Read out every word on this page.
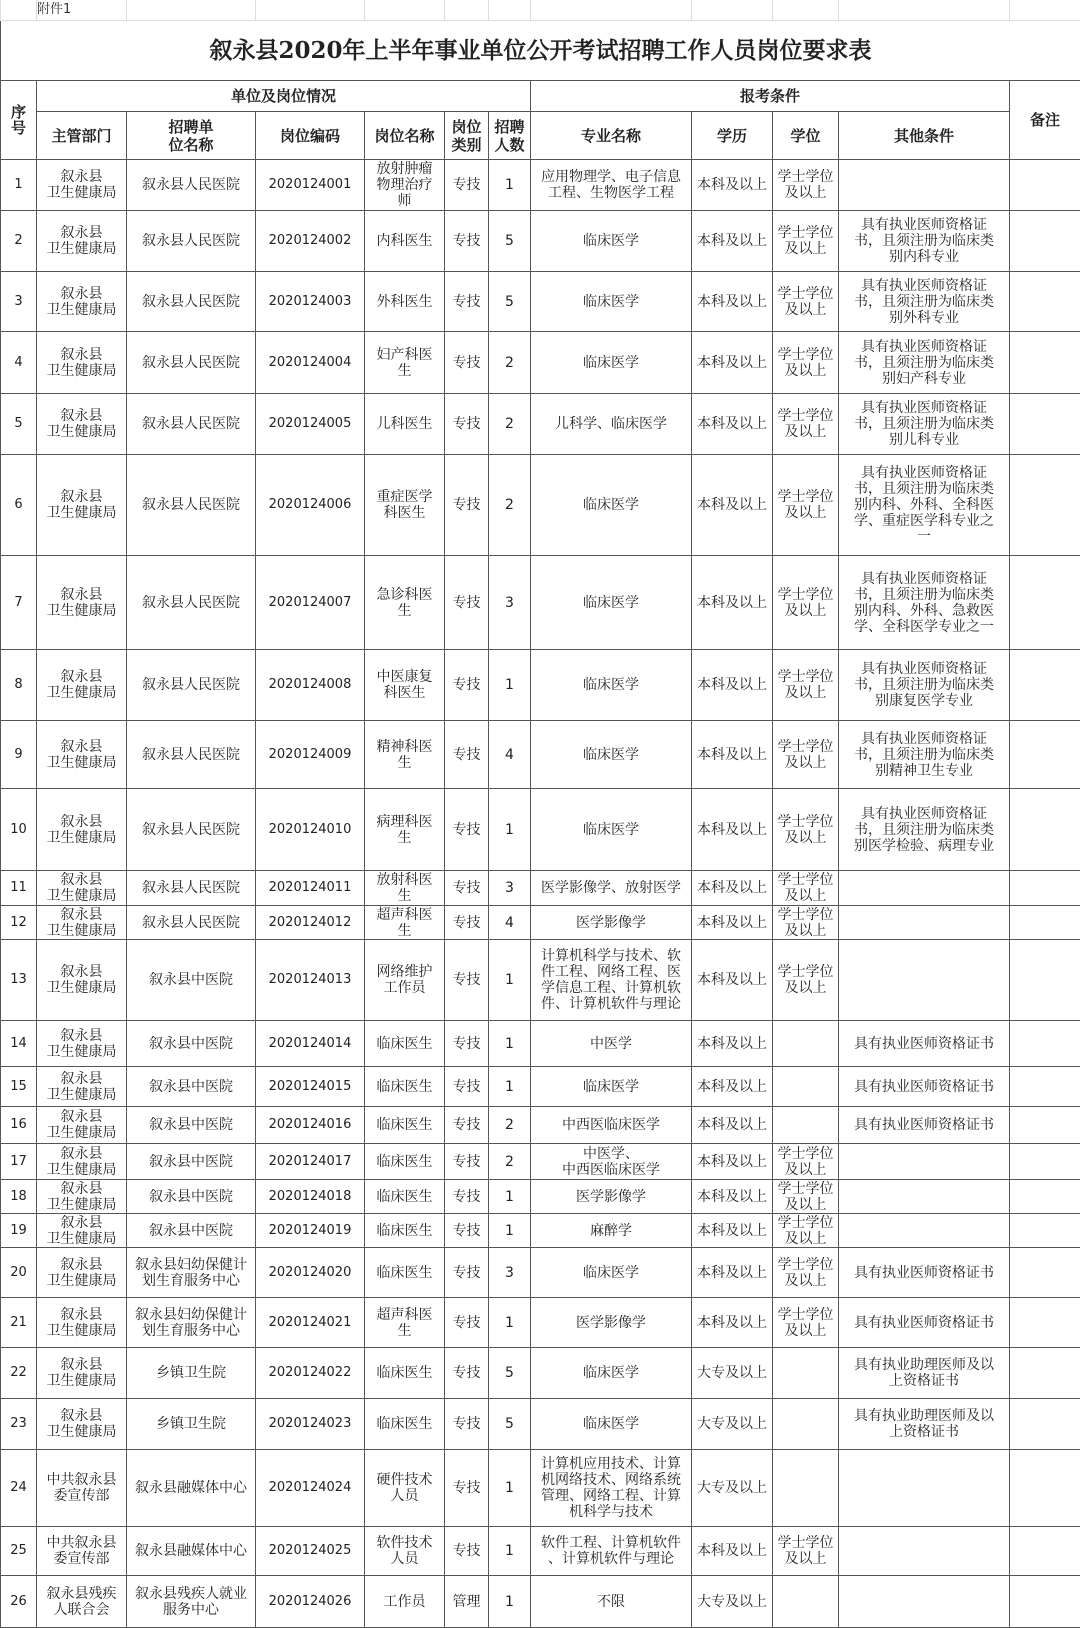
	附件1										
叙永县2020年上半年事业单位公开考试招聘工作人员岗位要求表											
序
号	单位及岗位情况						报考条件				备注
	主管部门	招聘单
位名称	岗位编码	岗位名称	岗位
类别	招聘
人数	专业名称	学历	学位	其他条件	
1	叙永县
卫生健康局	叙永县人民医院	2020124001	放射肿瘤
物理治疗
师	专技	1	应用物理学、电子信息
工程、生物医学工程	本科及以上	学士学位
及以上		
2	叙永县
卫生健康局	叙永县人民医院	2020124002	内科医生	专技	5	临床医学	本科及以上	学士学位
及以上	具有执业医师资格证
书，且须注册为临床类
别内科专业	
3	叙永县
卫生健康局	叙永县人民医院	2020124003	外科医生	专技	5	临床医学	本科及以上	学士学位
及以上	具有执业医师资格证
书，且须注册为临床类
别外科专业	
4	叙永县
卫生健康局	叙永县人民医院	2020124004	妇产科医
生	专技	2	临床医学	本科及以上	学士学位
及以上	具有执业医师资格证
书，且须注册为临床类
别妇产科专业	
5	叙永县
卫生健康局	叙永县人民医院	2020124005	儿科医生	专技	2	儿科学、临床医学	本科及以上	学士学位
及以上	具有执业医师资格证
书，且须注册为临床类
别儿科专业	
6	叙永县
卫生健康局	叙永县人民医院	2020124006	重症医学
科医生	专技	2	临床医学	本科及以上	学士学位
及以上	具有执业医师资格证
书，且须注册为临床类
别内科、外科、全科医
学、重症医学科专业之
一	
7	叙永县
卫生健康局	叙永县人民医院	2020124007	急诊科医
生	专技	3	临床医学	本科及以上	学士学位
及以上	具有执业医师资格证
书，且须注册为临床类
别内科、外科、急救医
学、全科医学专业之一	
8	叙永县
卫生健康局	叙永县人民医院	2020124008	中医康复
科医生	专技	1	临床医学	本科及以上	学士学位
及以上	具有执业医师资格证
书，且须注册为临床类
别康复医学专业	
9	叙永县
卫生健康局	叙永县人民医院	2020124009	精神科医
生	专技	4	临床医学	本科及以上	学士学位
及以上	具有执业医师资格证
书，且须注册为临床类
别精神卫生专业	
10	叙永县
卫生健康局	叙永县人民医院	2020124010	病理科医
生	专技	1	临床医学	本科及以上	学士学位
及以上	具有执业医师资格证
书，且须注册为临床类
别医学检验、病理专业	
11	叙永县
卫生健康局	叙永县人民医院	2020124011	放射科医
生	专技	3	医学影像学、放射医学	本科及以上	学士学位
及以上		
12	叙永县
卫生健康局	叙永县人民医院	2020124012	超声科医
生	专技	4	医学影像学	本科及以上	学士学位
及以上		
13	叙永县
卫生健康局	叙永县中医院	2020124013	网络维护
工作员	专技	1	计算机科学与技术、软
件工程、网络工程、医
学信息工程、计算机软
件、计算机软件与理论	本科及以上	学士学位
及以上		
14	叙永县
卫生健康局	叙永县中医院	2020124014	临床医生	专技	1	中医学	本科及以上		具有执业医师资格证书	
15	叙永县
卫生健康局	叙永县中医院	2020124015	临床医生	专技	1	临床医学	本科及以上		具有执业医师资格证书	
16	叙永县
卫生健康局	叙永县中医院	2020124016	临床医生	专技	2	中西医临床医学	本科及以上		具有执业医师资格证书	
17	叙永县
卫生健康局	叙永县中医院	2020124017	临床医生	专技	2	中医学、
中西医临床医学	本科及以上	学士学位
及以上		
18	叙永县
卫生健康局	叙永县中医院	2020124018	临床医生	专技	1	医学影像学	本科及以上	学士学位
及以上		
19	叙永县
卫生健康局	叙永县中医院	2020124019	临床医生	专技	1	麻醉学	本科及以上	学士学位
及以上		
20	叙永县
卫生健康局	叙永县妇幼保健计
划生育服务中心	2020124020	临床医生	专技	3	临床医学	本科及以上	学士学位
及以上	具有执业医师资格证书	
21	叙永县
卫生健康局	叙永县妇幼保健计
划生育服务中心	2020124021	超声科医
生	专技	1	医学影像学	本科及以上	学士学位
及以上	具有执业医师资格证书	
22	叙永县
卫生健康局	乡镇卫生院	2020124022	临床医生	专技	5	临床医学	大专及以上		具有执业助理医师及以
上资格证书	
23	叙永县
卫生健康局	乡镇卫生院	2020124023	临床医生	专技	5	临床医学	大专及以上		具有执业助理医师及以
上资格证书	
24	中共叙永县
委宣传部	叙永县融媒体中心	2020124024	硬件技术
人员	专技	1	计算机应用技术、计算
机网络技术、网络系统
管理、网络工程、计算
机科学与技术	大专及以上			
25	中共叙永县
委宣传部	叙永县融媒体中心	2020124025	软件技术
人员	专技	1	软件工程、计算机软件
、计算机软件与理论	本科及以上	学士学位
及以上		
26	叙永县残疾
人联合会	叙永县残疾人就业
服务中心	2020124026	工作员	管理	1	不限	大专及以上			
